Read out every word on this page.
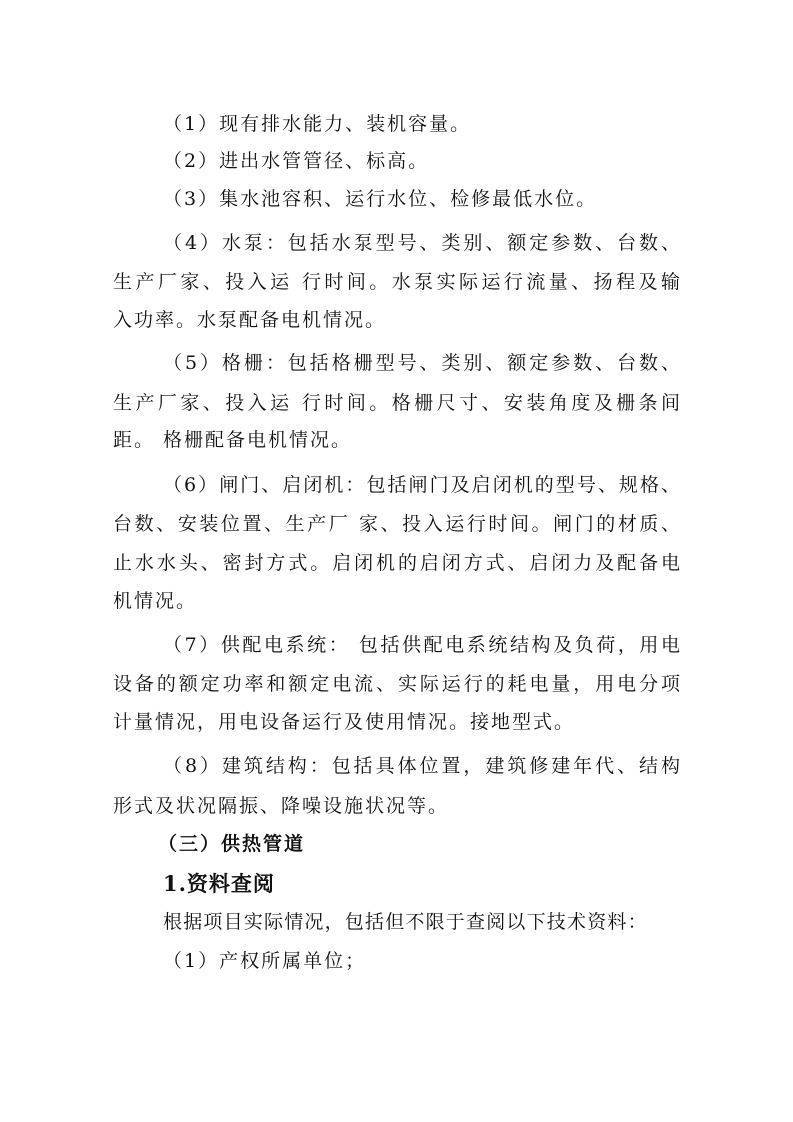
（1）现有排水能力、装机容量。
（2）进出水管管径、标高。
（3）集水池容积、运行水位、检修最低水位。
（4）水泵：包括水泵型号、类别、额定参数、台数、
生产厂家、投入运 行时间。水泵实际运行流量、扬程及输
入功率。水泵配备电机情况。
（5）格栅：包括格栅型号、类别、额定参数、台数、
生产厂家、投入运 行时间。格栅尺寸、安装角度及栅条间
距。 格栅配备电机情况。
（6）闸门、启闭机：包括闸门及启闭机的型号、规格、
台数、安装位置、生产厂 家、投入运行时间。闸门的材质、
止水水头、密封方式。启闭机的启闭方式、启闭力及配备电
机情况。
（7）供配电系统： 包括供配电系统结构及负荷，用电
设备的额定功率和额定电流、实际运行的耗电量，用电分项
计量情况，用电设备运行及使用情况。接地型式。
（8）建筑结构：包括具体位置，建筑修建年代、结构
形式及状况隔振、降噪设施状况等。
（三）供热管道
1.资料查阅
根据项目实际情况，包括但不限于查阅以下技术资料：
（1）产权所属单位；
